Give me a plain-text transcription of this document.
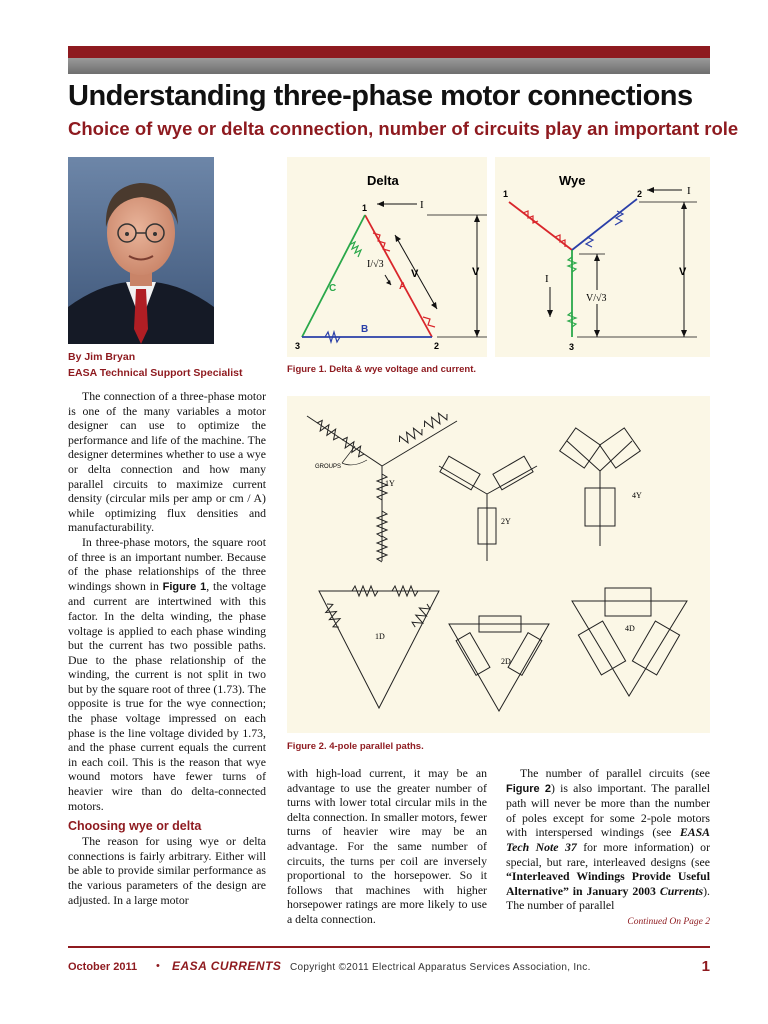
Understanding three-phase motor connections
Choice of wye or delta connection, number of circuits play an important role
By Jim Bryan
EASA Technical Support Specialist
Delta
1
3	2
A
B
C
I
I/√3
V	V
Wye
1	2
3
I
I
V/√3
V
Figure 1. Delta & wye voltage and current.
1Y
GROUPS
2Y
4Y
1D
2D
4D
Figure 2. 4-pole parallel paths.

The connection of a three-phase motor is one of the many variables a motor designer can use to optimize the performance and life of the machine. The designer determines whether to use a wye or delta connection and how many parallel circuits to maximize current density (circular mils per amp or cm / A) while optimizing flux densities and manufacturability.

In three-phase motors, the square root of three is an important number. Because of the phase relationships of the three windings shown in Figure 1, the voltage and current are intertwined with this factor. In the delta winding, the phase voltage is applied to each phase winding but the current has two possible paths. Due to the phase relationship of the winding, the current is not split in two but by the square root of three (1.73). The opposite is true for the wye connection; the phase voltage impressed on each phase is the line voltage divided by 1.73, and the phase current equals the current in each coil. This is the reason that wye wound motors have fewer turns of heavier wire than do delta-connected motors.

Choosing wye or delta

The reason for using wye or delta connections is fairly arbitrary. Either will be able to provide similar performance as the various parameters of the design are adjusted. In a large motor

with high-load current, it may be an advantage to use the greater number of turns with lower total circular mils in the delta connection. In smaller motors, fewer turns of heavier wire may be an advantage. For the same number of circuits, the turns per coil are inversely proportional to the horsepower. So it follows that machines with higher horsepower ratings are more likely to use a delta connection.

The number of parallel circuits (see Figure 2) is also important. The parallel path will never be more than the number of poles except for some 2-pole motors with interspersed windings (see EASA Tech Note 37 for more information) or special, but rare, interleaved designs (see “Interleaved Windings Provide Useful Alternative” in January 2003 Currents). The number of parallel

Continued On Page 2
October 2011 • EASA CURRENTS Copyright ©2011 Electrical Apparatus Services Association, Inc.	1
